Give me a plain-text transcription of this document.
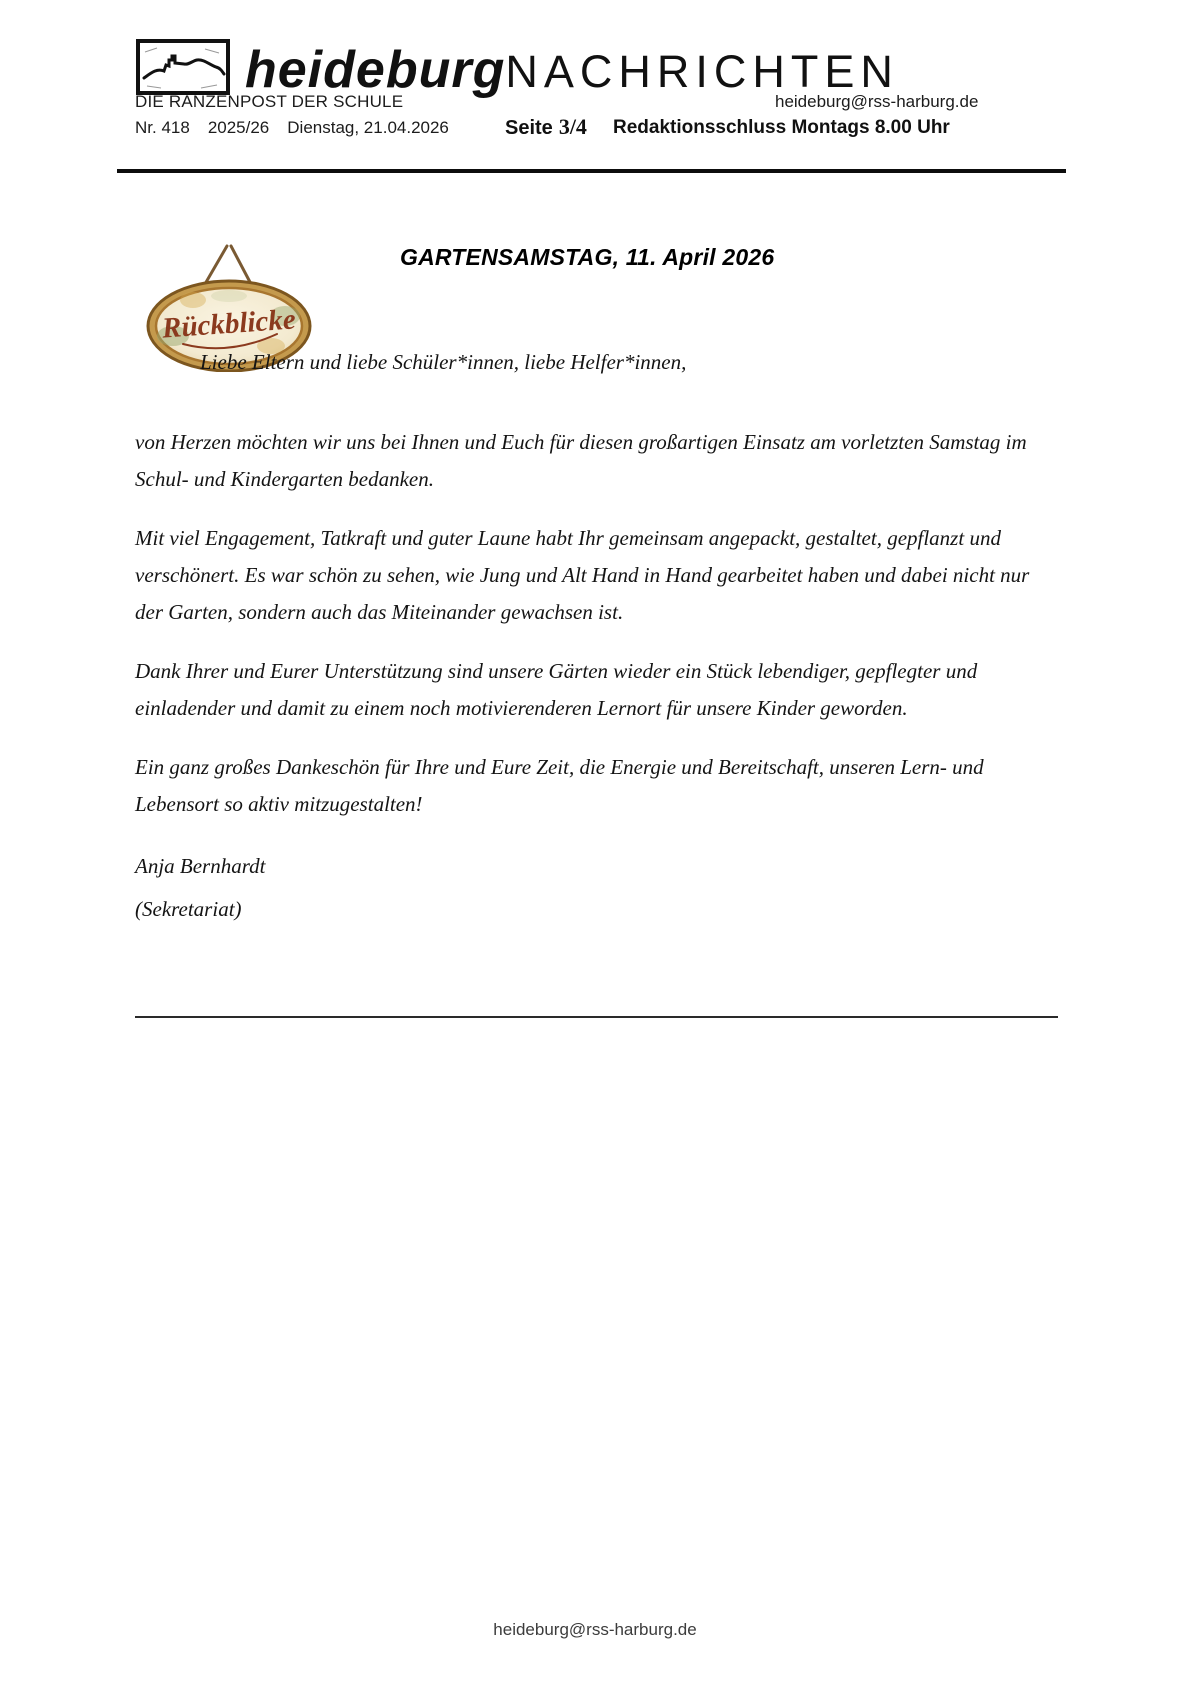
heideburg NACHRICHTEN
DIE RANZENPOST DER SCHULE	heideburg@rss-harburg.de
Nr. 418 2025/26 Dienstag, 21.04.2026	Seite 3/4 Redaktionsschluss Montags 8.00 Uhr
Rückblicke
GARTENSAMSTAG, 11. April 2026
Liebe Eltern und liebe Schüler*innen, liebe Helfer*innen,

von Herzen möchten wir uns bei Ihnen und Euch für diesen großartigen Einsatz am vorletzten Samstag im Schul- und Kindergarten bedanken.

Mit viel Engagement, Tatkraft und guter Laune habt Ihr gemeinsam angepackt, gestaltet, gepflanzt und verschönert. Es war schön zu sehen, wie Jung und Alt Hand in Hand gearbeitet haben und dabei nicht nur der Garten, sondern auch das Miteinander gewachsen ist.

Dank Ihrer und Eurer Unterstützung sind unsere Gärten wieder ein Stück lebendiger, gepflegter und einladender und damit zu einem noch motivierenderen Lernort für unsere Kinder geworden.

Ein ganz großes Dankeschön für Ihre und Eure Zeit, die Energie und Bereitschaft, unseren Lern- und Lebensort so aktiv mitzugestalten!

Anja Bernhardt
(Sekretariat)
heideburg@rss-harburg.de
